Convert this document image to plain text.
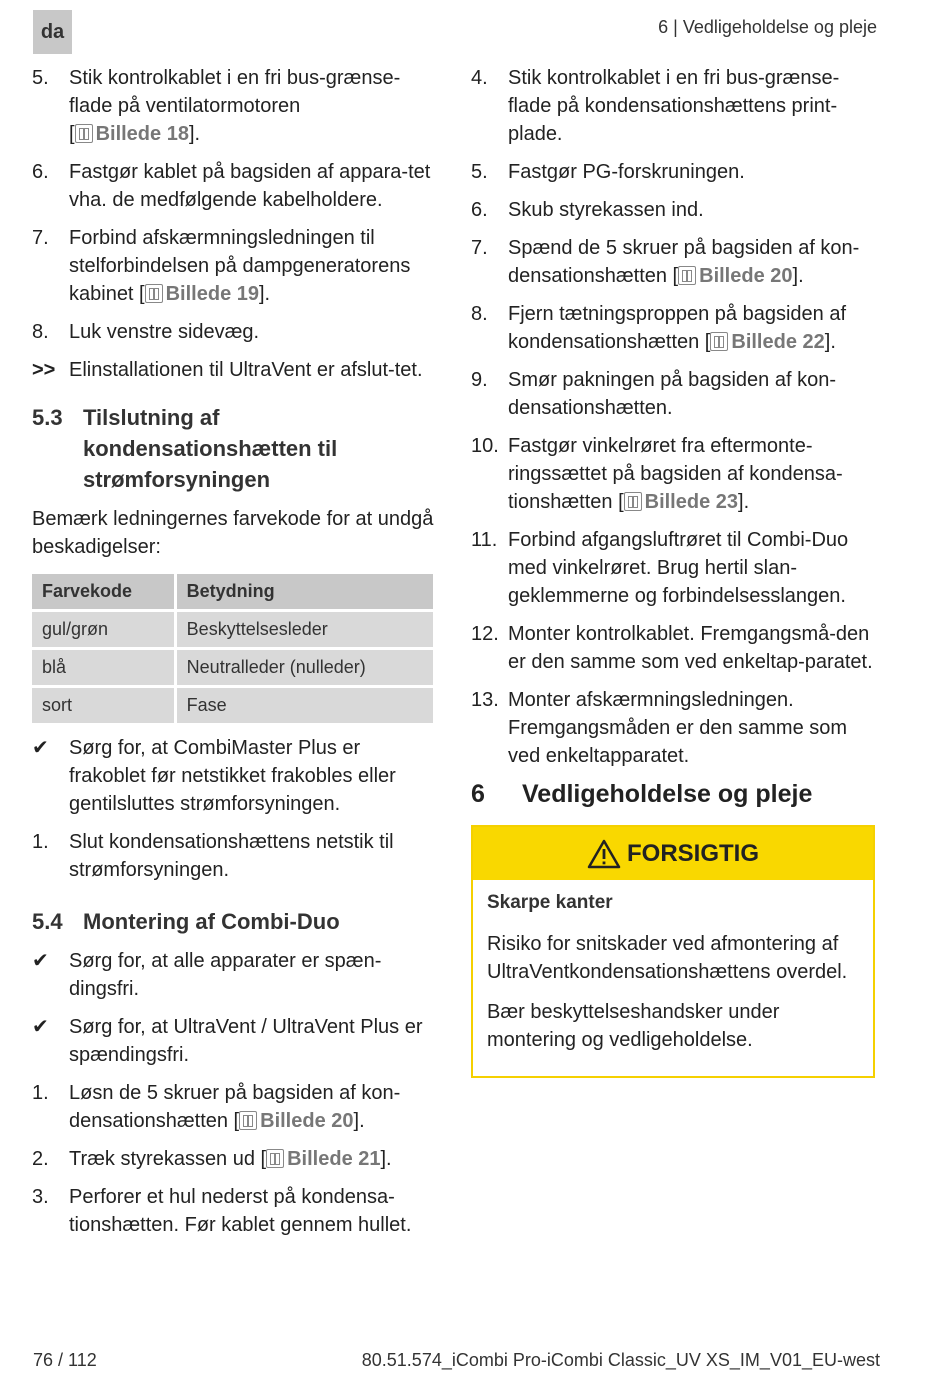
da	6 | Vedligeholdelse og pleje
5.	Stik kontrolkablet i en fri bus-grænse-flade på ventilatormotoren
[ Billede 18].
6.	Fastgør kablet på bagsiden af appara-tet vha. de medfølgende kabelholdere.
7.	Forbind afskærmningsledningen til stelforbindelsen på dampgeneratorens kabinet [ Billede 19].
8.	Luk venstre sidevæg.
>> Elinstallationen til UltraVent er afslut-tet.
5.3 Tilslutning af kondensationshætten til strømforsyningen
Bemærk ledningernes farvekode for at undgå beskadigelser:
Farvekode	Betydning
gul/grøn	Beskyttelsesleder
blå	Neutralleder (nulleder)
sort	Fase
✔	Sørg for, at CombiMaster Plus er frakoblet før netstikket frakobles eller gentilsluttes strømforsyningen.
1.	Slut kondensationshættens netstik til strømforsyningen.
5.4 Montering af Combi-Duo
✔	Sørg for, at alle apparater er spæn-dingsfri.
✔	Sørg for, at UltraVent / UltraVent Plus er spændingsfri.
1.	Løsn de 5 skruer på bagsiden af kon-densationshætten [ Billede 20].
2.	Træk styrekassen ud [ Billede 21].
3.	Perforer et hul nederst på kondensa-tionshætten. Før kablet gennem hullet.
4.	Stik kontrolkablet i en fri bus-grænse-flade på kondensationshættens print-plade.
5.	Fastgør PG-forskruningen.
6.	Skub styrekassen ind.
7.	Spænd de 5 skruer på bagsiden af kon-densationshætten [ Billede 20].
8.	Fjern tætningsproppen på bagsiden af kondensationshætten [ Billede 22].
9.	Smør pakningen på bagsiden af kon-densationshætten.
10. Fastgør vinkelrøret fra eftermonte-ringssættet på bagsiden af kondensa-tionshætten [ Billede 23].
11. Forbind afgangsluftrøret til Combi-Duo med vinkelrøret. Brug hertil slan-geklemmerne og forbindelsesslangen.
12. Monter kontrolkablet. Fremgangsmå-den er den samme som ved enkeltap-paratet.
13. Monter afskærmningsledningen. Fremgangsmåden er den samme som ved enkeltapparatet.
6	Vedligeholdelse og pleje
FORSIGTIG
Skarpe kanter
Risiko for snitskader ved afmontering af UltraVentkondensationshættens overdel.
Bær beskyttelseshandsker under montering og vedligeholdelse.
76 / 112	80.51.574_iCombi Pro-iCombi Classic_UV XS_IM_V01_EU-west
